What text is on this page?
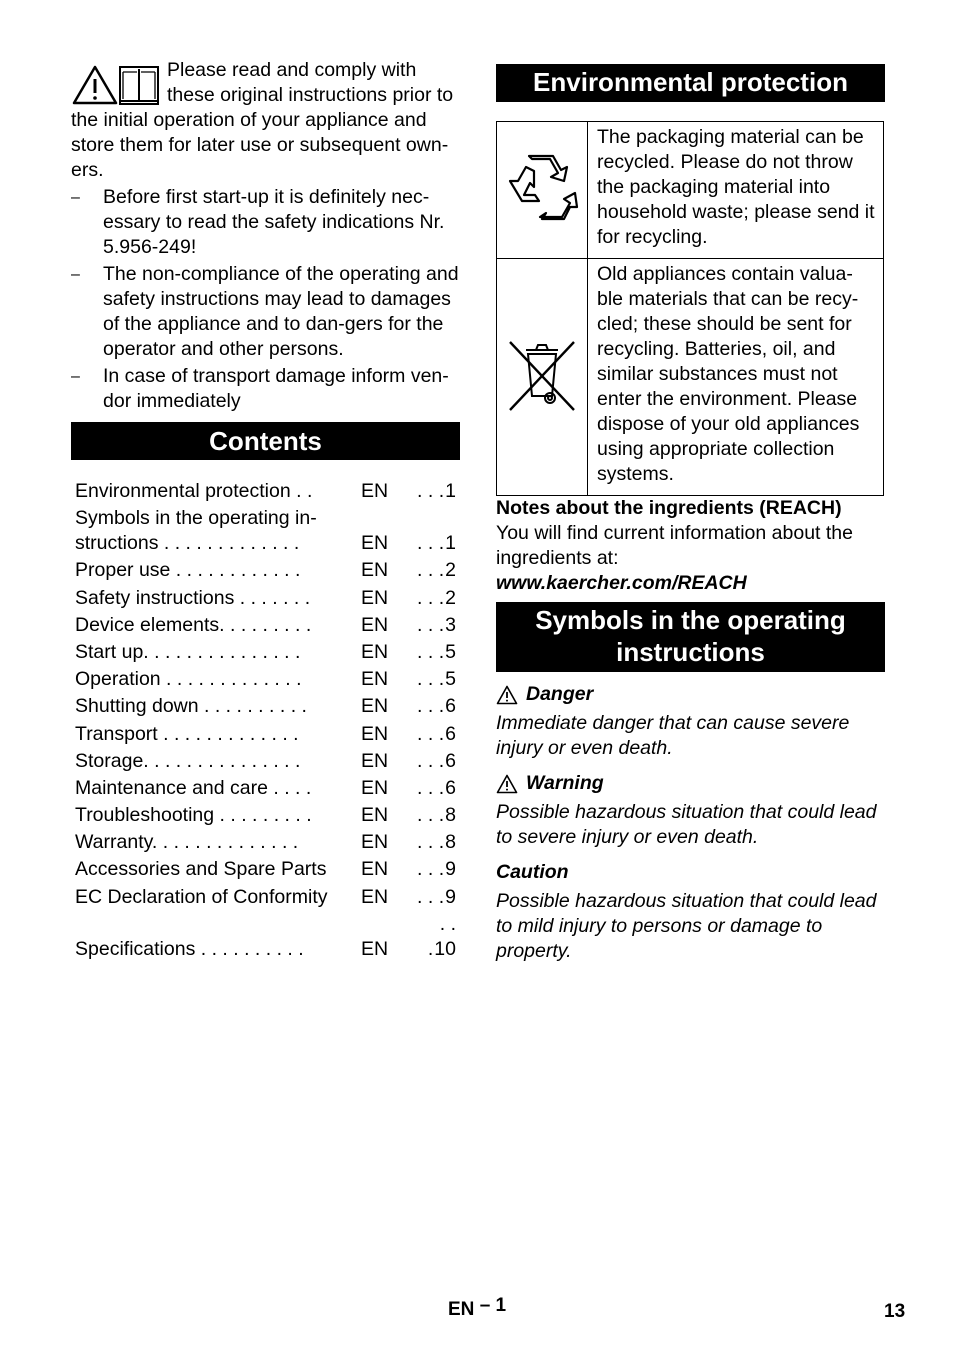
Please read and comply with these original instructions prior to the initial operation of your appliance and store them for later use or subsequent own-ers.

– Before first start-up it is definitely nec-essary to read the safety indications Nr. 5.956-249!
– The non-compliance of the operating and safety instructions may lead to damages of the appliance and to dan-gers for the operator and other persons.
– In case of transport damage inform ven-dor immediately
Contents
Environmental protection . .	EN	. . . 1
Symbols in the operating in-
structions . . . . . . . . . . . . .	EN	. . . 1
Proper use . . . . . . . . . . . .	EN	. . . 2
Safety instructions . . . . . . .	EN	. . . 2
Device elements. . . . . . . . .	EN	. . . 3
Start up. . . . . . . . . . . . . . .	EN	. . . 5
Operation . . . . . . . . . . . . .	EN	. . . 5
Shutting down . . . . . . . . . .	EN	. . . 6
Transport . . . . . . . . . . . . .	EN	. . . 6
Storage. . . . . . . . . . . . . . .	EN	. . . 6
Maintenance and care . . . .	EN	. . . 6
Troubleshooting . . . . . . . . .	EN	. . . 8
Warranty. . . . . . . . . . . . . .	EN	. . . 8
Accessories and Spare Parts	EN	. . . 9
EC Declaration of Conformity	EN	. . . 9
Specifications . . . . . . . . . .	EN	. . . 10
Environmental protection
	The packaging material can be recycled. Please do not throw the packaging material into household waste; please send it for recycling.
	Old appliances contain valua-ble materials that can be recy-cled; these should be sent for recycling. Batteries, oil, and similar substances must not enter the environment. Please dispose of your old appliances using appropriate collection systems.

Notes about the ingredients (REACH)

You will find current information about the ingredients at:

www.kaercher.com/REACH

Symbols in the operating instructions
Danger
Immediate danger that can cause severe injury or even death.
Warning
Possible hazardous situation that could lead to severe injury or even death.
Caution
Possible hazardous situation that could lead to mild injury to persons or damage to property.
EN – 1	13
